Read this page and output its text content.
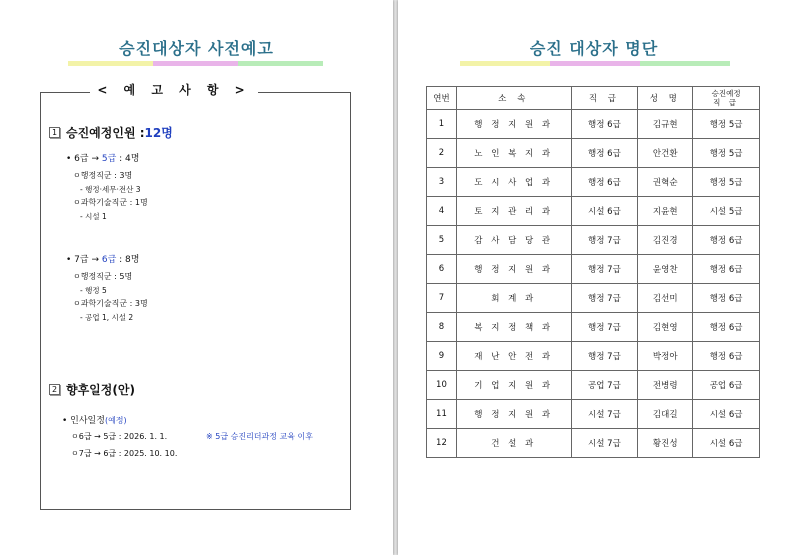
승진대상자 사전예고
< 예 고 사 항 >
1 승진예정인원 : 12명
• 6급 → 5급 : 4명
ㅇ행정직군 : 3명
- 행정·세무·전산 3
ㅇ과학기술직군 : 1명
- 시설 1
• 7급 → 6급 : 8명
ㅇ행정직군 : 5명
- 행정 5
ㅇ과학기술직군 : 3명
- 공업 1, 시설 2
2 향후일정(안)
• 인사일정(예정)
ㅇ6급 → 5급 : 2026. 1. 1.	※ 5급 승진리더과정 교육 이후
ㅇ7급 → 6급 : 2025. 10. 10.
승진 대상자 명단
연번	소 속	직 급	성 명	승진예정
직 급

1	행 정 지 원 과	행정 6급	김규현	행정 5급
2	노 인 복 지 과	행정 6급	안건환	행정 5급
3	도 시 사 업 과	행정 6급	권혁순	행정 5급
4	토 지 관 리 과	시설 6급	지윤현	시설 5급
5	감 사 담 당 관	행정 7급	김진경	행정 6급
6	행 정 지 원 과	행정 7급	윤영찬	행정 6급
7	회 계 과	행정 7급	김선미	행정 6급
8	복 지 정 책 과	행정 7급	김현영	행정 6급
9	재 난 안 전 과	행정 7급	박정아	행정 6급
10	기 업 지 원 과	공업 7급	전병령	공업 6급
11	행 정 지 원 과	시설 7급	김대길	시설 6급
12	건 설 과	시설 7급	황진성	시설 6급
